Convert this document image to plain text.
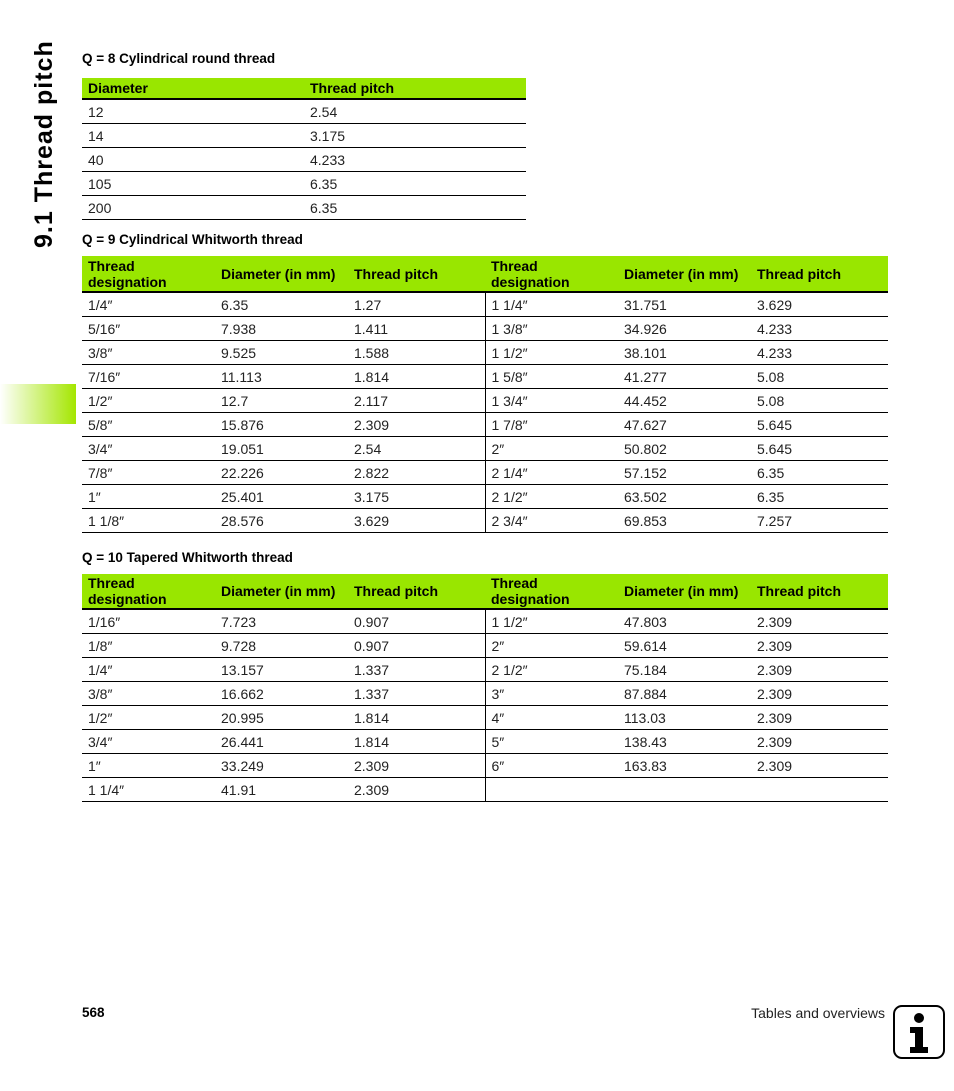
9.1 Thread pitch Q = 8 Cylindrical round thread
Diameter	Thread pitch
12	2.54
14	3.175
40	4.233
105	6.35
200	6.35
Q = 9 Cylindrical Whitworth thread
Thread designation	Diameter (in mm)	Thread pitch	Thread designation	Diameter (in mm)	Thread pitch
1/4″	6.35	1.27	1 1/4″	31.751	3.629
5/16″	7.938	1.411	1 3/8″	34.926	4.233
3/8″	9.525	1.588	1 1/2″	38.101	4.233
7/16″	11.113	1.814	1 5/8″	41.277	5.08
1/2″	12.7	2.117	1 3/4″	44.452	5.08
5/8″	15.876	2.309	1 7/8″	47.627	5.645
3/4″	19.051	2.54	2″	50.802	5.645
7/8″	22.226	2.822	2 1/4″	57.152	6.35
1″	25.401	3.175	2 1/2″	63.502	6.35
1 1/8″	28.576	3.629	2 3/4″	69.853	7.257
Q = 10 Tapered Whitworth thread
Thread designation	Diameter (in mm)	Thread pitch	Thread designation	Diameter (in mm)	Thread pitch
1/16″	7.723	0.907	1 1/2″	47.803	2.309
1/8″	9.728	0.907	2″	59.614	2.309
1/4″	13.157	1.337	2 1/2″	75.184	2.309
3/8″	16.662	1.337	3″	87.884	2.309
1/2″	20.995	1.814	4″	113.03	2.309
3/4″	26.441	1.814	5″	138.43	2.309
1″	33.249	2.309	6″	163.83	2.309
1 1/4″	41.91	2.309			
568	Tables and overviews
